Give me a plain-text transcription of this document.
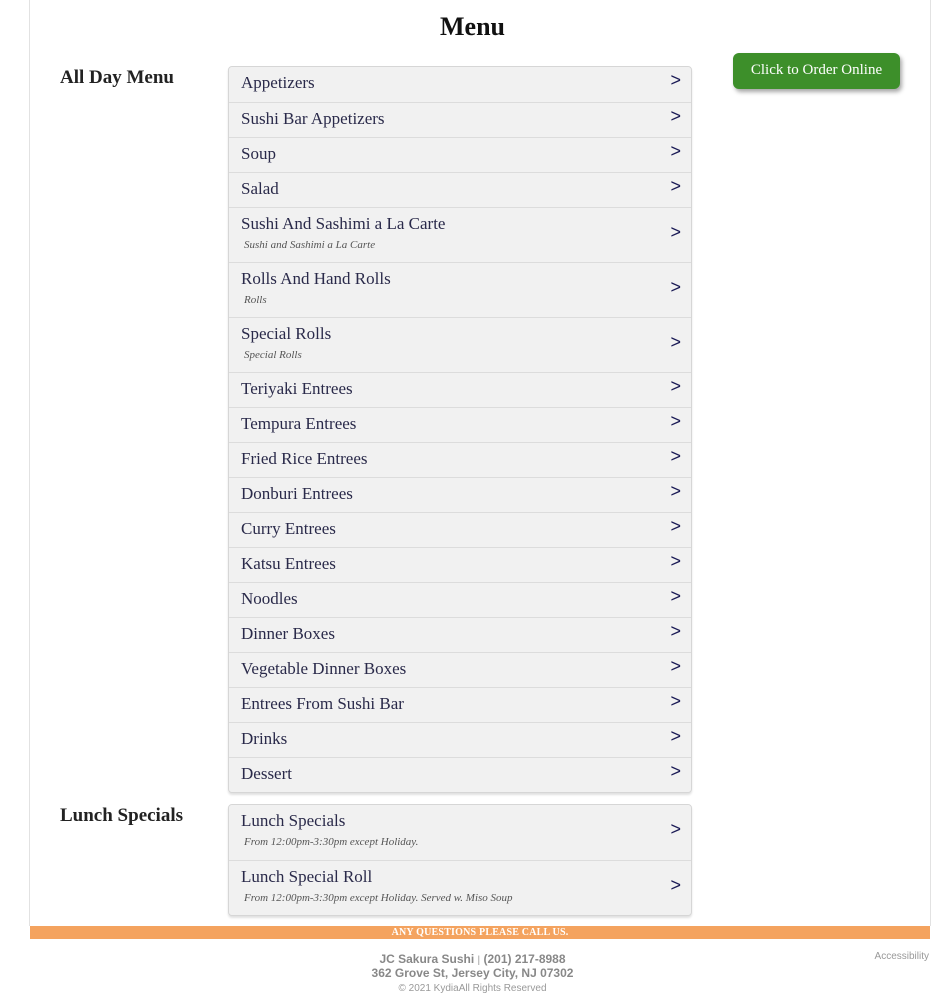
Menu
Click to Order Online
All Day Menu	Appetizers	>
Sushi Bar Appetizers	>
Soup	>
Salad	>
Sushi And Sashimi a La Carte
Sushi and Sashimi a La Carte
>
Rolls And Hand Rolls
Rolls
>
Special Rolls
Special Rolls
>
Teriyaki Entrees	>
Tempura Entrees	>
Fried Rice Entrees	>
Donburi Entrees	>
Curry Entrees	>
Katsu Entrees	>
Noodles	>
Dinner Boxes	>
Vegetable Dinner Boxes	>
Entrees From Sushi Bar	>
Drinks	>
Dessert	>
Lunch Specials	Lunch Specials
From 12:00pm-3:30pm except Holiday.
>
Lunch Special Roll
From 12:00pm-3:30pm except Holiday. Served w. Miso Soup
>
ANY QUESTIONS PLEASE CALL US.
JC Sakura Sushi | (201) 217-8988
362 Grove St, Jersey City, NJ 07302
© 2021 KydiaAll Rights Reserved
Accessibility
